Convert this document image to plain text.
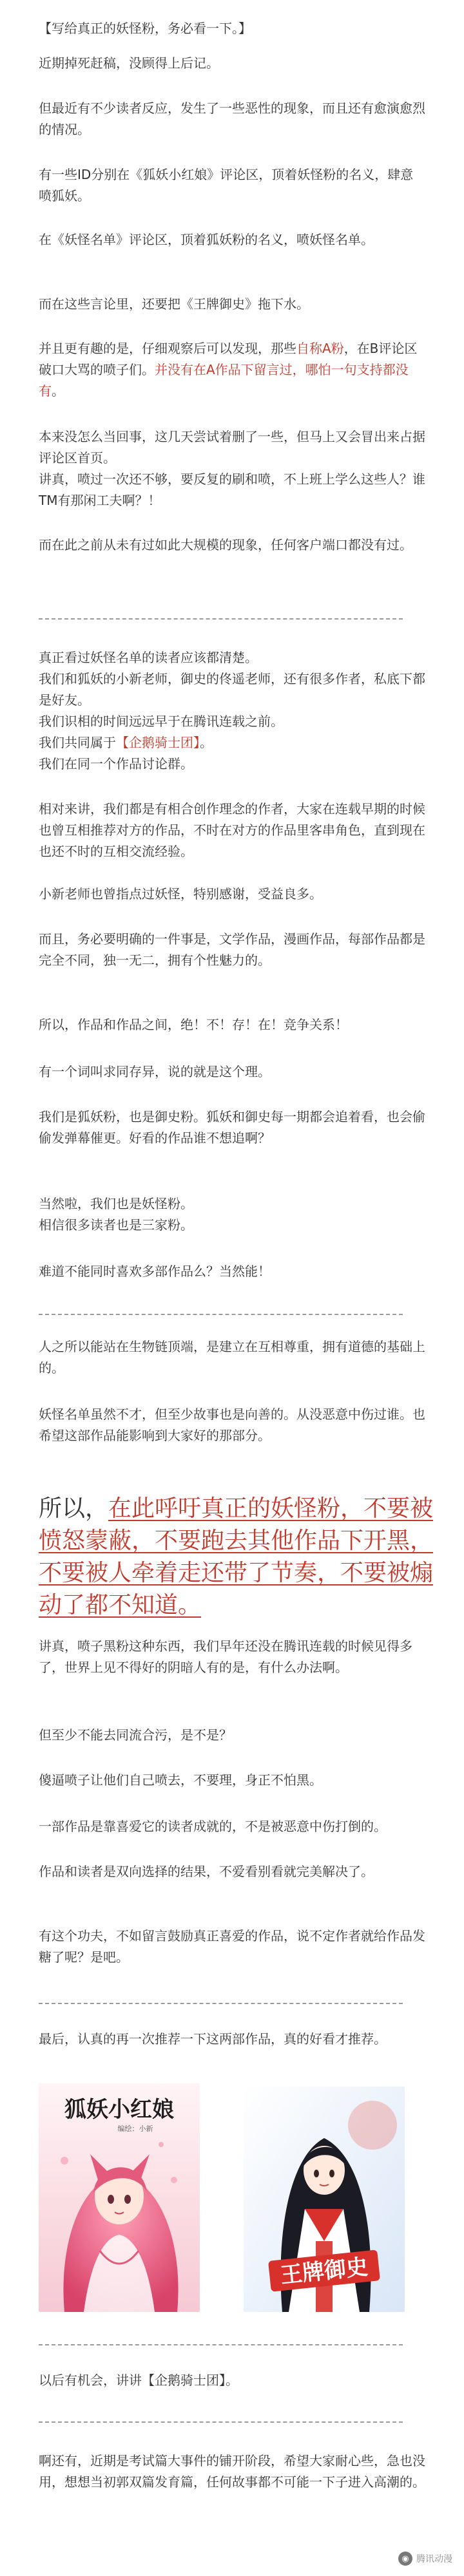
【写给真正的妖怪粉，务必看一下。】

近期掉死赶稿，没顾得上后记。

但最近有不少读者反应，发生了一些恶性的现象，而且还有愈演愈烈的情况。

有一些ID分别在《狐妖小红娘》评论区，顶着妖怪粉的名义，肆意喷狐妖。

在《妖怪名单》评论区，顶着狐妖粉的名义，喷妖怪名单。

而在这些言论里，还要把《王牌御史》拖下水。

并且更有趣的是，仔细观察后可以发现，那些自称A粉，在B评论区破口大骂的喷子们。并没有在A作品下留言过，哪怕一句支持都没有。

本来没怎么当回事，这几天尝试着删了一些，但马上又会冒出来占据评论区首页。

讲真，喷过一次还不够，要反复的刷和喷，不上班上学么这些人？谁TM有那闲工夫啊？！

而在此之前从未有过如此大规模的现象，任何客户端口都没有过。

真正看过妖怪名单的读者应该都清楚。

我们和狐妖的小新老师，御史的佟遥老师，还有很多作者，私底下都是好友。

我们识相的时间远远早于在腾讯连载之前。

我们共同属于【企鹅骑士团】。

我们在同一个作品讨论群。

相对来讲，我们都是有相合创作理念的作者，大家在连载早期的时候也曾互相推荐对方的作品，不时在对方的作品里客串角色，直到现在也还不时的互相交流经验。

小新老师也曾指点过妖怪，特别感谢，受益良多。

而且，务必要明确的一件事是，文学作品，漫画作品，每部作品都是完全不同，独一无二，拥有个性魅力的。

所以，作品和作品之间，绝！不！存！在！竞争关系！

有一个词叫求同存异，说的就是这个理。

我们是狐妖粉，也是御史粉。狐妖和御史每一期都会追着看，也会偷偷发弹幕催更。好看的作品谁不想追啊？

当然啦，我们也是妖怪粉。

相信很多读者也是三家粉。

难道不能同时喜欢多部作品么？当然能！

人之所以能站在生物链顶端，是建立在互相尊重，拥有道德的基础上的。

妖怪名单虽然不才，但至少故事也是向善的。从没恶意中伤过谁。也希望这部作品能影响到大家好的那部分。

所以，在此呼吁真正的妖怪粉，不要被愤怒蒙蔽，不要跑去其他作品下开黑，不要被人牵着走还带了节奏，不要被煽动了都不知道。

讲真，喷子黑粉这种东西，我们早年还没在腾讯连载的时候见得多了，世界上见不得好的阴暗人有的是，有什么办法啊。

但至少不能去同流合污，是不是？

傻逼喷子让他们自己喷去，不要理，身正不怕黑。

一部作品是靠喜爱它的读者成就的，不是被恶意中伤打倒的。

作品和读者是双向选择的结果，不爱看别看就完美解决了。

有这个功夫，不如留言鼓励真正喜爱的作品，说不定作者就给作品发糖了呢？是吧。

最后，认真的再一次推荐一下这两部作品，真的好看才推荐。

狐妖小红娘
编绘：小新
王牌御史

以后有机会，讲讲【企鹅骑士团】。

啊还有，近期是考试篇大事件的铺开阶段，希望大家耐心些，急也没用，想想当初郭双篇发育篇，任何故事都不可能一下子进入高潮的。

◉ 腾讯动漫
